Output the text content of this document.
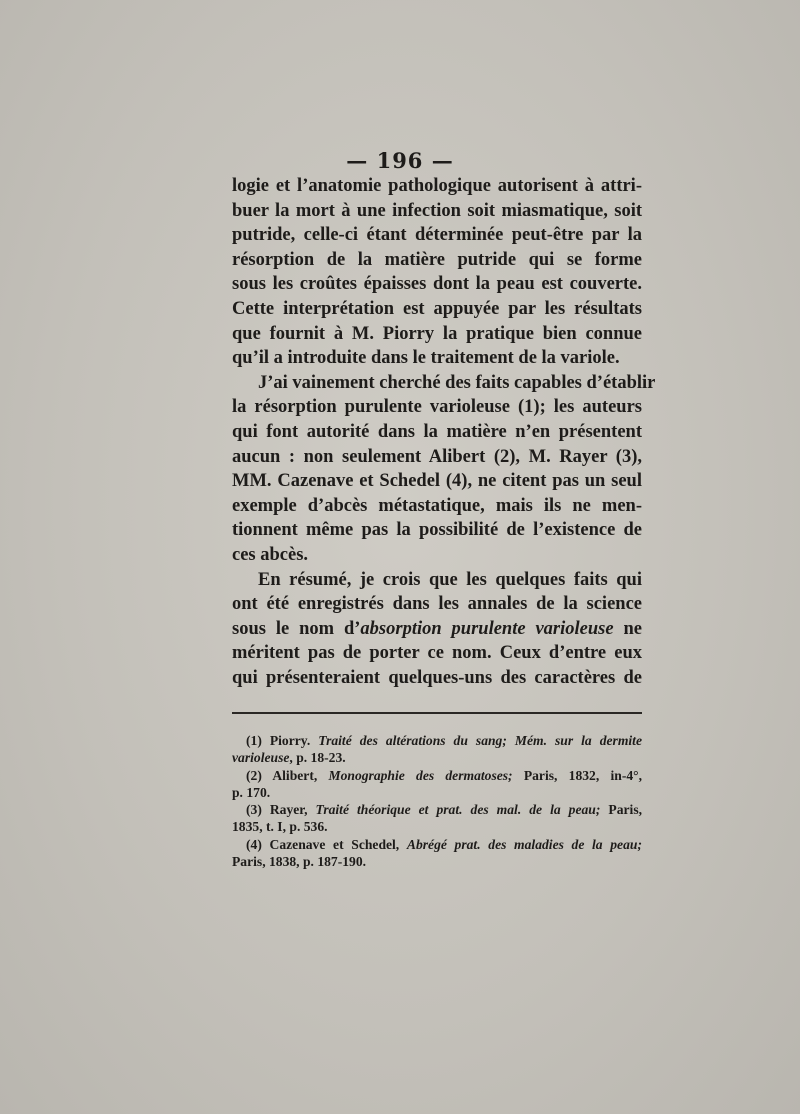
— 196 —
logie et l’anatomie pathologique autorisent à attri-
buer la mort à une infection soit miasmatique, soit
putride, celle-ci étant déterminée peut-être par la
résorption de la matière putride qui se forme
sous les croûtes épaisses dont la peau est couverte.
Cette interprétation est appuyée par les résultats
que fournit à M. Piorry la pratique bien connue
qu’il a introduite dans le traitement de la variole.
J’ai vainement cherché des faits capables d’établir
la résorption purulente varioleuse (1); les auteurs
qui font autorité dans la matière n’en présentent
aucun : non seulement Alibert (2), M. Rayer (3),
MM. Cazenave et Schedel (4), ne citent pas un seul
exemple d’abcès métastatique, mais ils ne men-
tionnent même pas la possibilité de l’existence de
ces abcès.
En résumé, je crois que les quelques faits qui
ont été enregistrés dans les annales de la science
sous le nom d’absorption purulente varioleuse ne
méritent pas de porter ce nom. Ceux d’entre eux
qui présenteraient quelques-uns des caractères de
(1) Piorry. Traité des altérations du sang; Mém. sur la dermite
varioleuse, p. 18-23.
(2) Alibert, Monographie des dermatoses; Paris, 1832, in-4°,
p. 170.
(3) Rayer, Traité théorique et prat. des mal. de la peau; Paris,
1835, t. I, p. 536.
(4) Cazenave et Schedel, Abrégé prat. des maladies de la peau;
Paris, 1838, p. 187-190.
